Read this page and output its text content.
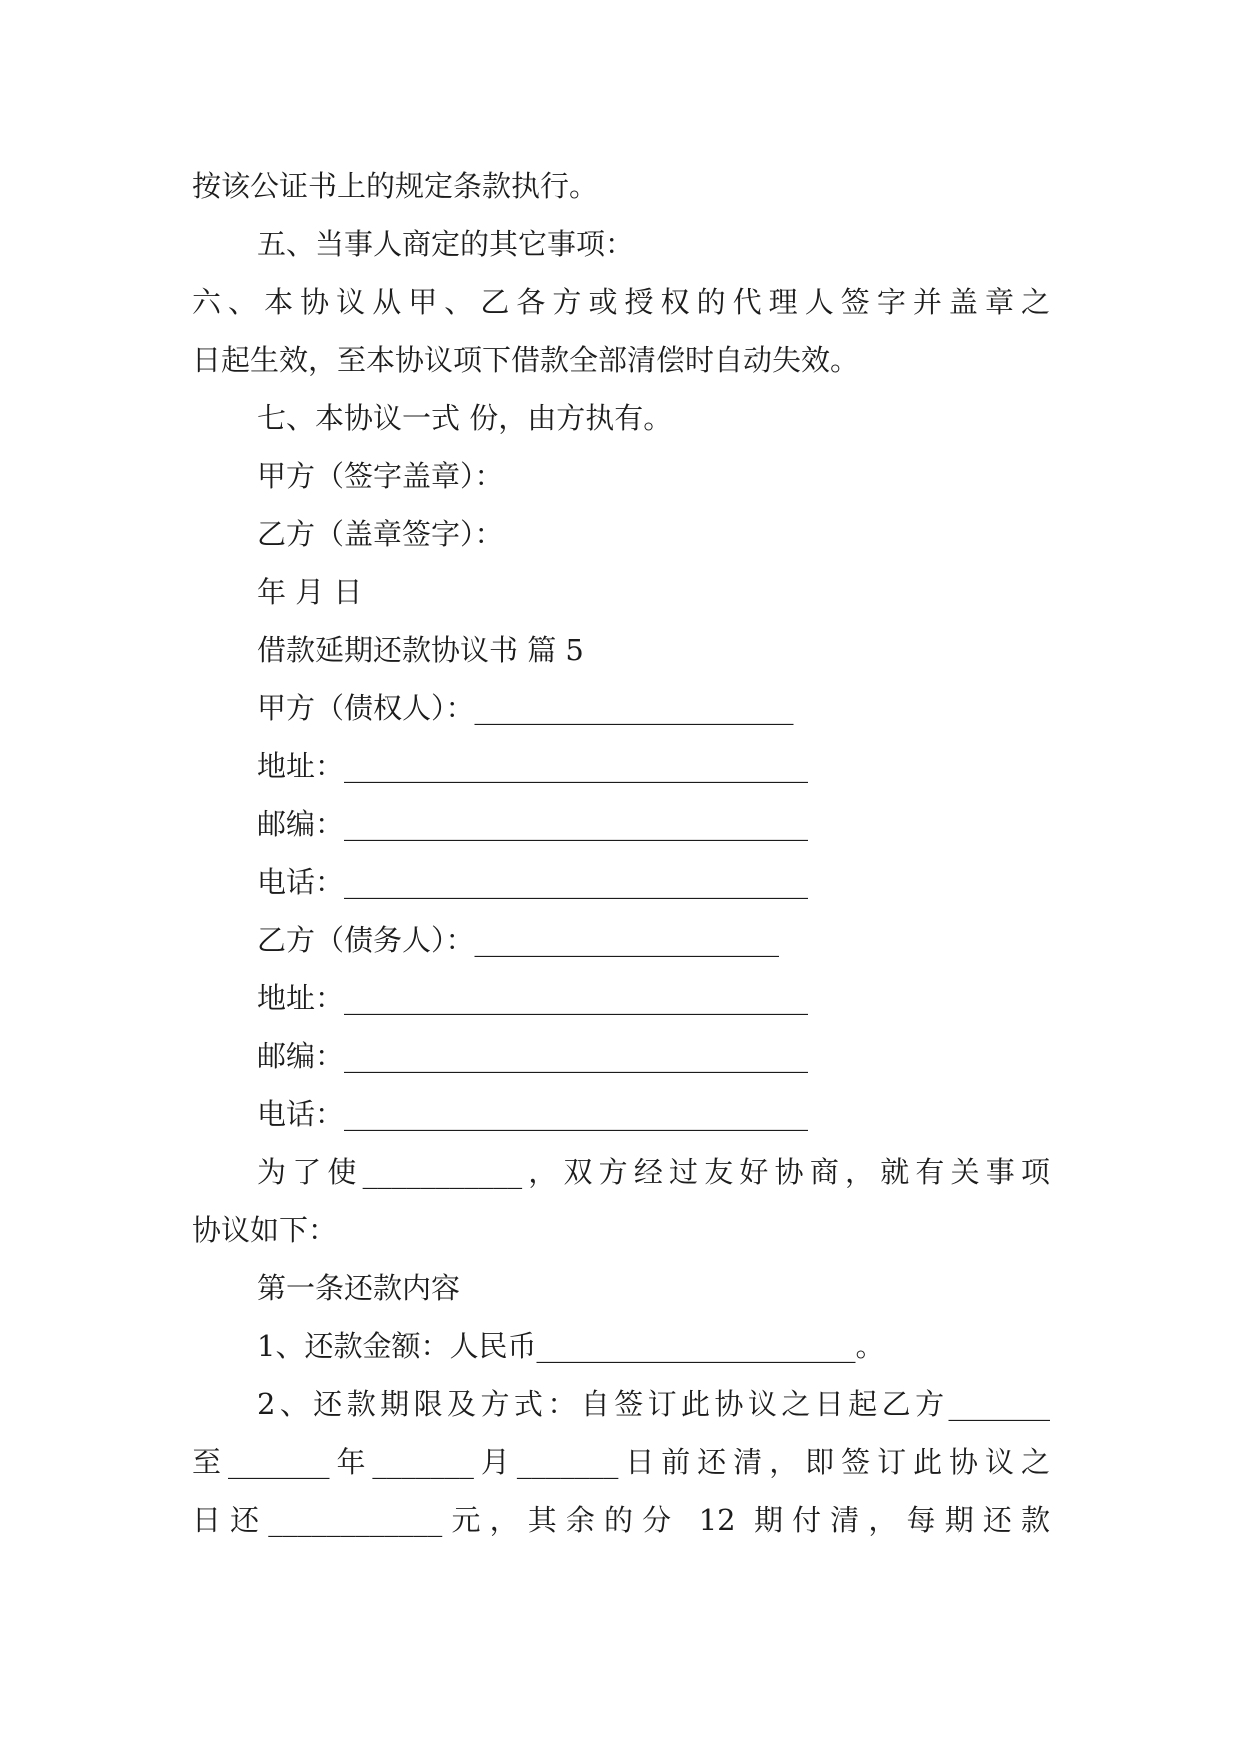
按该公证书上的规定条款执行。
五、当事人商定的其它事项：
六、本协议从甲、乙各方或授权的代理人签字并盖章之
日起生效，至本协议项下借款全部清偿时自动失效。
七、本协议一式 份，由方执有。
甲方（签字盖章）：
乙方（盖章签字）：
年 月 日
借款延期还款协议书 篇 5
甲方（债权人）：______________________
地址：________________________________
邮编：________________________________
电话：________________________________
乙方（债务人）：_____________________
地址：________________________________
邮编：________________________________
电话：________________________________
为了使___________，双方经过友好协商，就有关事项
协议如下：
第一条还款内容
1、还款金额：人民币______________________。
2、还款期限及方式：自签订此协议之日起乙方_______
至_______年_______月_______日前还清，即签订此协议之
日还____________元，其余的分 12 期付清，每期还款
